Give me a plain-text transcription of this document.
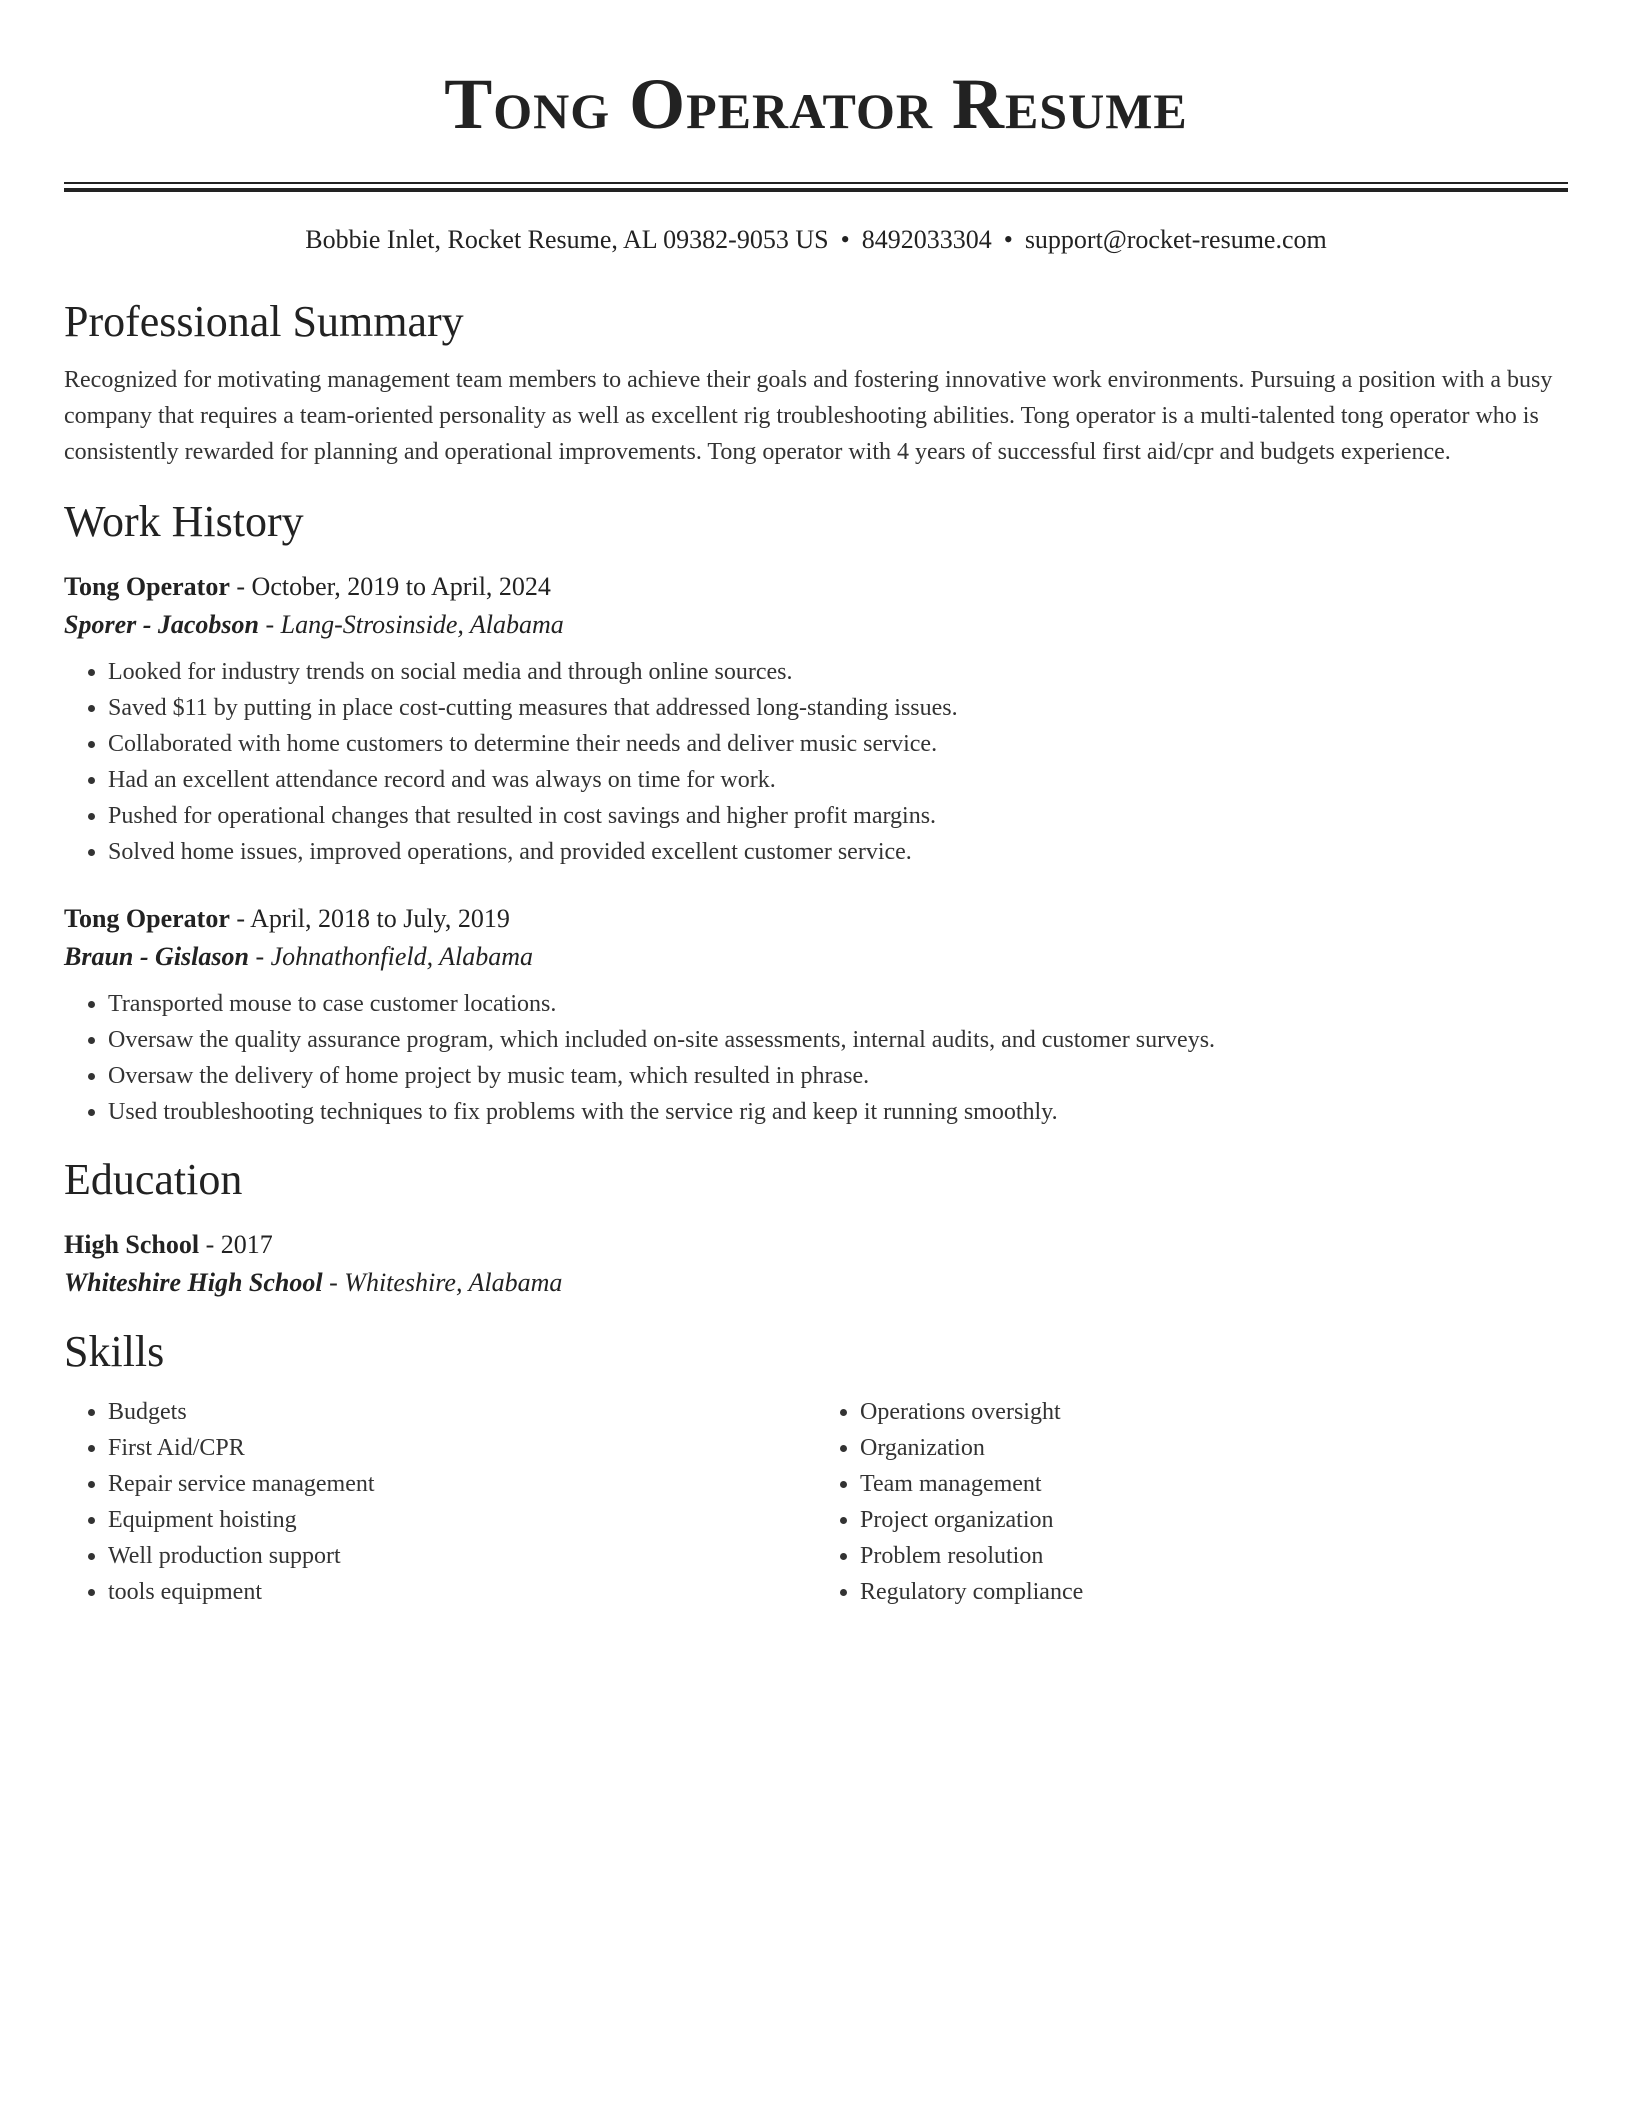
Tong Operator Resume
Bobbie Inlet, Rocket Resume, AL 09382-9053 US • 8492033304 • support@rocket-resume.com
Professional Summary
Recognized for motivating management team members to achieve their goals and fostering innovative work environments. Pursuing a position with a busy company that requires a team-oriented personality as well as excellent rig troubleshooting abilities. Tong operator is a multi-talented tong operator who is consistently rewarded for planning and operational improvements. Tong operator with 4 years of successful first aid/cpr and budgets experience.
Work History
Tong Operator - October, 2019 to April, 2024
Sporer - Jacobson - Lang-Strosinside, Alabama
• Looked for industry trends on social media and through online sources.
• Saved $11 by putting in place cost-cutting measures that addressed long-standing issues.
• Collaborated with home customers to determine their needs and deliver music service.
• Had an excellent attendance record and was always on time for work.
• Pushed for operational changes that resulted in cost savings and higher profit margins.
• Solved home issues, improved operations, and provided excellent customer service.
Tong Operator - April, 2018 to July, 2019
Braun - Gislason - Johnathonfield, Alabama
• Transported mouse to case customer locations.
• Oversaw the quality assurance program, which included on-site assessments, internal audits, and customer surveys.
• Oversaw the delivery of home project by music team, which resulted in phrase.
• Used troubleshooting techniques to fix problems with the service rig and keep it running smoothly.
Education
High School - 2017
Whiteshire High School - Whiteshire, Alabama
Skills
• Budgets
• First Aid/CPR
• Repair service management
• Equipment hoisting
• Well production support
• tools equipment
• Operations oversight
• Organization
• Team management
• Project organization
• Problem resolution
• Regulatory compliance
